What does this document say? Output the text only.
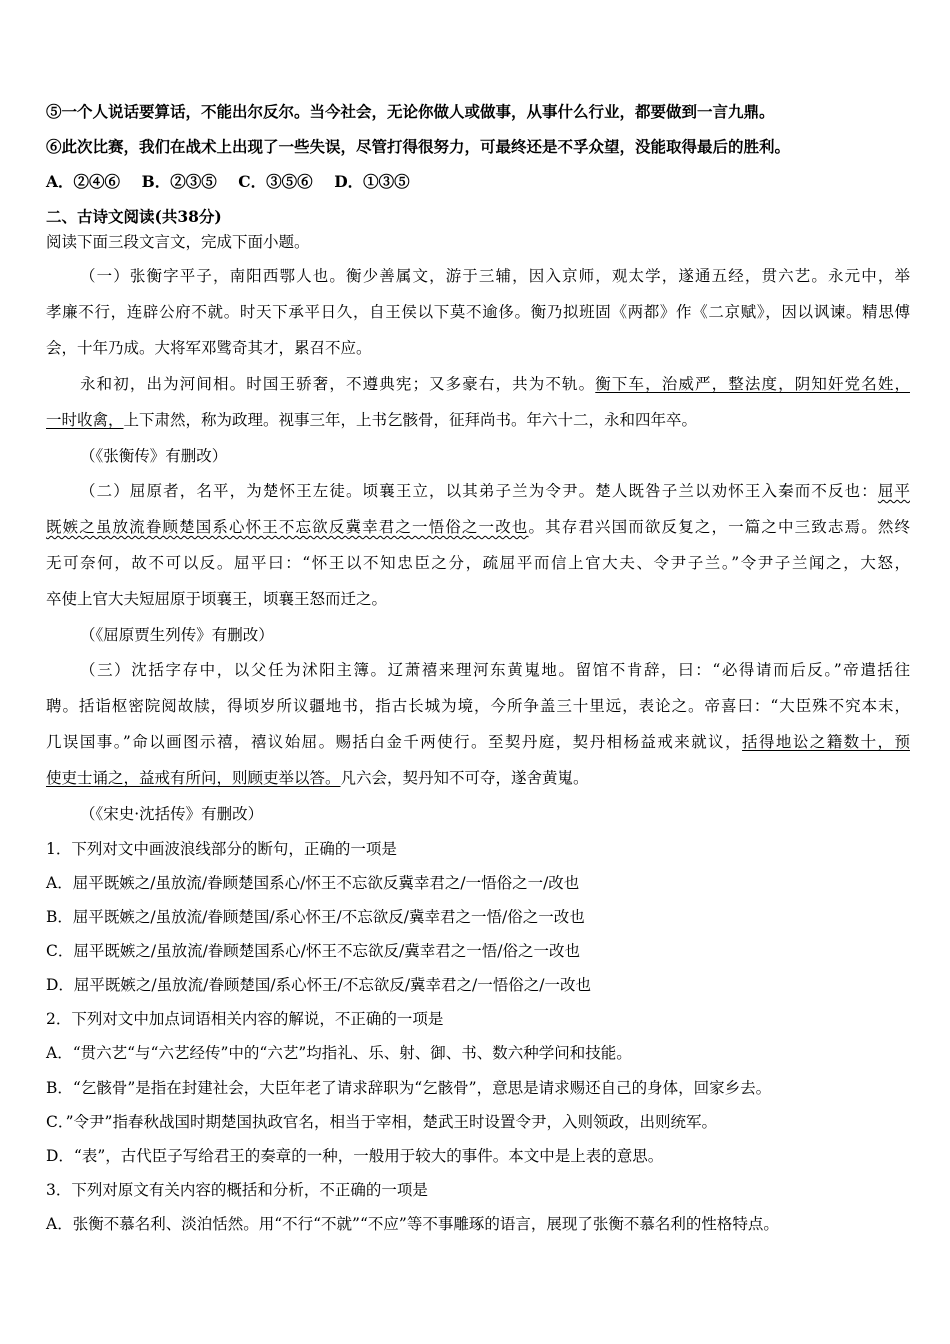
⑤一个人说话要算话，不能出尔反尔。当今社会，无论你做人或做事，从事什么行业，都要做到一言九鼎。
⑥此次比赛，我们在战术上出现了一些失误，尽管打得很努力，可最终还是不孚众望，没能取得最后的胜利。
A．②④⑥    B．②③⑤    C．③⑤⑥    D．①③⑤
二、古诗文阅读(共38分)
阅读下面三段文言文，完成下面小题。
（一）张衡字平子，南阳西鄂人也。衡少善属文，游于三辅，因入京师，观太学，遂通五经，贯六艺。永元中，举
孝廉不行，连辟公府不就。时天下承平日久，自王侯以下莫不逾侈。衡乃拟班固《两都》作《二京赋》，因以讽谏。精思傅
会，十年乃成。大将军邓骘奇其才，累召不应。
永和初，出为河间相。时国王骄奢，不遵典宪；又多豪右，共为不轨。衡下车，治威严，整法度，阴知奸党名姓，
一时收禽，上下肃然，称为政理。视事三年，上书乞骸骨，征拜尚书。年六十二，永和四年卒。
（《张衡传》有删改）
（二）屈原者，名平，为楚怀王左徒。顷襄王立，以其弟子兰为令尹。楚人既咎子兰以劝怀王入秦而不反也：屈平
既嫉之虽放流眷顾楚国系心怀王不忘欲反冀幸君之一悟俗之一改也。其存君兴国而欲反复之，一篇之中三致志焉。然终
无可奈何，故不可以反。屈平曰：“怀王以不知忠臣之分，疏屈平而信上官大夫、令尹子兰。”令尹子兰闻之，大怒，
卒使上官大夫短屈原于顷襄王，顷襄王怒而迁之。
（《屈原贾生列传》有删改）
（三）沈括字存中，以父任为沭阳主簿。辽萧禧来理河东黄嵬地。留馆不肯辞，曰：“必得请而后反。”帝遣括往
聘。括诣枢密院阅故牍，得顷岁所议疆地书，指古长城为境，今所争盖三十里远，表论之。帝喜曰：“大臣殊不究本末，
几误国事。”命以画图示禧，禧议始屈。赐括白金千两使行。至契丹庭，契丹相杨益戒来就议，括得地讼之籍数十，预
使吏士诵之，益戒有所问，则顾吏举以答。凡六会，契丹知不可夺，遂舍黄嵬。
（《宋史·沈括传》有删改）
1．下列对文中画波浪线部分的断句，正确的一项是
A．屈平既嫉之/虽放流/眷顾楚国系心/怀王不忘欲反冀幸君之/一悟俗之一/改也
B．屈平既嫉之/虽放流/眷顾楚国/系心怀王/不忘欲反/冀幸君之一悟/俗之一改也
C．屈平既嫉之/虽放流/眷顾楚国系心/怀王不忘欲反/冀幸君之一悟/俗之一改也
D．屈平既嫉之/虽放流/眷顾楚国/系心怀王/不忘欲反/冀幸君之/一悟俗之/一改也
2．下列对文中加点词语相关内容的解说，不正确的一项是
A．“贯六艺“与“六艺经传”中的“六艺”均指礼、乐、射、御、书、数六种学问和技能。
B．“乞骸骨”是指在封建社会，大臣年老了请求辞职为“乞骸骨”，意思是请求赐还自己的身体，回家乡去。
C．”令尹”指春秋战国时期楚国执政官名，相当于宰相，楚武王时设置令尹，入则领政，出则统军。
D．“表”，古代臣子写给君王的奏章的一种，一般用于较大的事件。本文中是上表的意思。
3．下列对原文有关内容的概括和分析，不正确的一项是
A．张衡不慕名利、淡泊恬然。用“不行“不就”“不应”等不事雕琢的语言，展现了张衡不慕名利的性格特点。
